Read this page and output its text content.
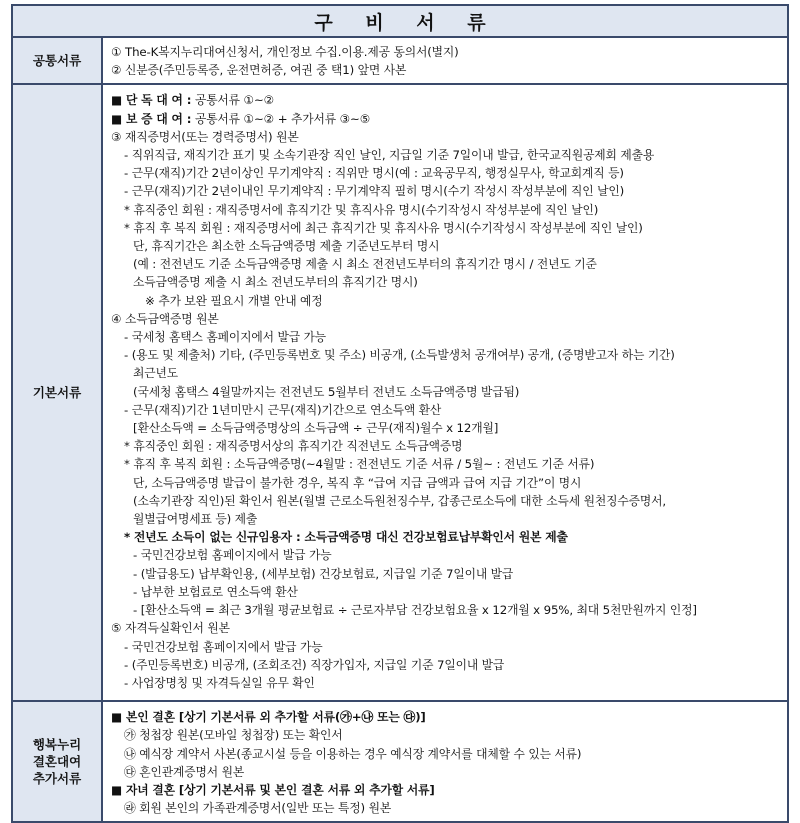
구 비 서 류
공통서류
① The-K복지누리대여신청서, 개인정보 수집.이용.제공 동의서(별지)
② 신분증(주민등록증, 운전면허증, 여권 중 택1) 앞면 사본
기본서류
■ 단 독 대 여 : 공통서류 ①~②
■ 보 증 대 여 : 공통서류 ①~② + 추가서류 ③~⑤
③ 재직증명서(또는 경력증명서) 원본
- 직위직급, 재직기간 표기 및 소속기관장 직인 날인, 지급일 기준 7일이내 발급, 한국교직원공제회 제출용
- 근무(재직)기간 2년이상인 무기계약직 : 직위만 명시(예 : 교육공무직, 행정실무사, 학교회계직 등)
- 근무(재직)기간 2년이내인 무기계약직 : 무기계약직 필히 명시(수기 작성시 작성부분에 직인 날인)
* 휴직중인 회원 : 재직증명서에 휴직기간 및 휴직사유 명시(수기작성시 작성부분에 직인 날인)
* 휴직 후 복직 회원 : 재직증명서에 최근 휴직기간 및 휴직사유 명시(수기작성시 작성부분에 직인 날인)
단, 휴직기간은 최소한 소득금액증명 제출 기준년도부터 명시
(예 : 전전년도 기준 소득금액증명 제출 시 최소 전전년도부터의 휴직기간 명시 / 전년도 기준
소득금액증명 제출 시 최소 전년도부터의 휴직기간 명시)
※ 추가 보완 필요시 개별 안내 예정
④ 소득금액증명 원본
- 국세청 홈택스 홈페이지에서 발급 가능
- (용도 및 제출처) 기타, (주민등록번호 및 주소) 비공개, (소득발생처 공개여부) 공개, (증명받고자 하는 기간)
최근년도
(국세청 홈택스 4월말까지는 전전년도 5월부터 전년도 소득금액증명 발급됨)
- 근무(재직)기간 1년미만시 근무(재직)기간으로 연소득액 환산
[환산소득액 = 소득금액증명상의 소득금액 ÷ 근무(재직)월수 x 12개월]
* 휴직중인 회원 : 재직증명서상의 휴직기간 직전년도 소득금액증명
* 휴직 후 복직 회원 : 소득금액증명(~4월말 : 전전년도 기준 서류 / 5월~ : 전년도 기준 서류)
단, 소득금액증명 발급이 불가한 경우, 복직 후 “급여 지급 금액과 급여 지급 기간”이 명시
(소속기관장 직인)된 확인서 원본(월별 근로소득원천징수부, 갑종근로소득에 대한 소득세 원천징수증명서,
월별급여명세표 등) 제출
* 전년도 소득이 없는 신규임용자 : 소득금액증명 대신 건강보험료납부확인서 원본 제출
- 국민건강보험 홈페이지에서 발급 가능
- (발급용도) 납부확인용, (세부보험) 건강보험료, 지급일 기준 7일이내 발급
- 납부한 보험료로 연소득액 환산
- [환산소득액 = 최근 3개월 평균보험료 ÷ 근로자부담 건강보험요율 x 12개월 x 95%, 최대 5천만원까지 인정]
⑤ 자격득실확인서 원본
- 국민건강보험 홈페이지에서 발급 가능
- (주민등록번호) 비공개, (조회조건) 직장가입자, 지급일 기준 7일이내 발급
- 사업장명칭 및 자격득실일 유무 확인
행복누리
결혼대여
추가서류
■ 본인 결혼 [상기 기본서류 외 추가할 서류(㉮+㉯ 또는 ㉰)]
㉮ 청첩장 원본(모바일 청첩장) 또는 확인서
㉯ 예식장 계약서 사본(종교시설 등을 이용하는 경우 예식장 계약서를 대체할 수 있는 서류)
㉰ 혼인관계증명서 원본
■ 자녀 결혼 [상기 기본서류 및 본인 결혼 서류 외 추가할 서류]
㉱ 회원 본인의 가족관계증명서(일반 또는 특정) 원본
